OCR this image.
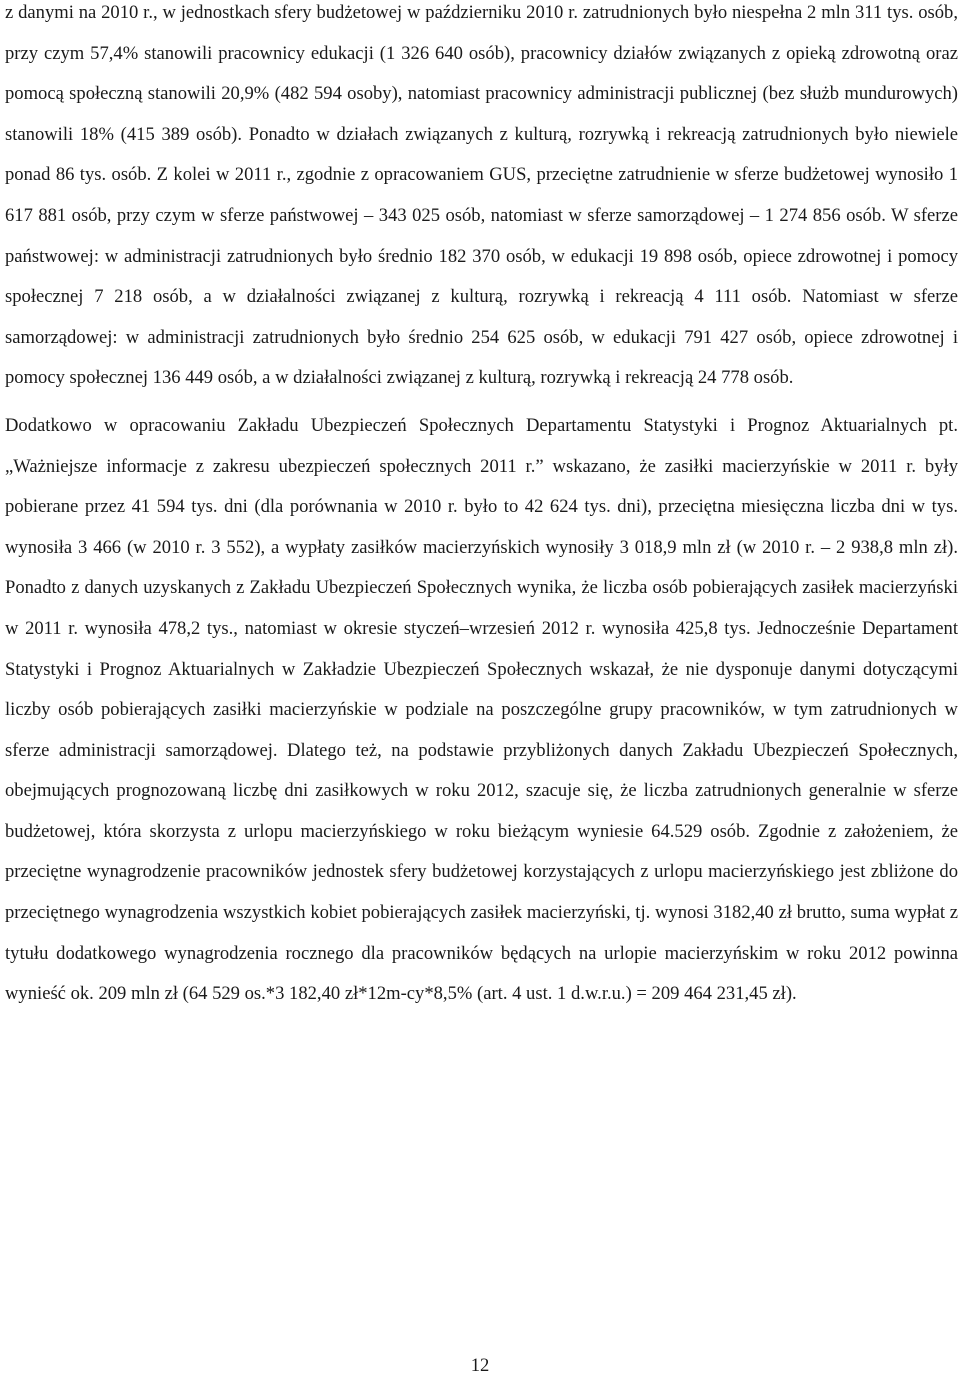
z danymi na 2010 r., w jednostkach sfery budżetowej w październiku 2010 r. zatrudnionych było niespełna 2 mln 311 tys. osób, przy czym 57,4% stanowili pracownicy edukacji (1 326 640 osób), pracownicy działów związanych z opieką zdrowotną oraz pomocą społeczną stanowili 20,9% (482 594 osoby), natomiast pracownicy administracji publicznej (bez służb mundurowych) stanowili 18% (415 389 osób). Ponadto w działach związanych z kulturą, rozrywką i rekreacją zatrudnionych było niewiele ponad 86 tys. osób. Z kolei w 2011 r., zgodnie z opracowaniem GUS, przeciętne zatrudnienie w sferze budżetowej wynosiło 1 617 881 osób, przy czym w sferze państwowej – 343 025 osób, natomiast w sferze samorządowej – 1 274 856 osób. W sferze państwowej: w administracji zatrudnionych było średnio 182 370 osób, w edukacji 19 898 osób, opiece zdrowotnej i pomocy społecznej 7 218 osób, a w działalności związanej z kulturą, rozrywką i rekreacją 4 111 osób. Natomiast w sferze samorządowej: w administracji zatrudnionych było średnio 254 625 osób, w edukacji 791 427 osób, opiece zdrowotnej i pomocy społecznej 136 449 osób, a w działalności związanej z kulturą, rozrywką i rekreacją 24 778 osób.

Dodatkowo w opracowaniu Zakładu Ubezpieczeń Społecznych Departamentu Statystyki i Prognoz Aktuarialnych pt. „Ważniejsze informacje z zakresu ubezpieczeń społecznych 2011 r.” wskazano, że zasiłki macierzyńskie w 2011 r. były pobierane przez 41 594 tys. dni (dla porównania w 2010 r. było to 42 624 tys. dni), przeciętna miesięczna liczba dni w tys. wynosiła 3 466 (w 2010 r. 3 552), a wypłaty zasiłków macierzyńskich wynosiły 3 018,9 mln zł (w 2010 r. – 2 938,8 mln zł). Ponadto z danych uzyskanych z Zakładu Ubezpieczeń Społecznych wynika, że liczba osób pobierających zasiłek macierzyński w 2011 r. wynosiła 478,2 tys., natomiast w okresie styczeń–wrzesień 2012 r. wynosiła 425,8 tys. Jednocześnie Departament Statystyki i Prognoz Aktuarialnych w Zakładzie Ubezpieczeń Społecznych wskazał, że nie dysponuje danymi dotyczącymi liczby osób pobierających zasiłki macierzyńskie w podziale na poszczególne grupy pracowników, w tym zatrudnionych w sferze administracji samorządowej. Dlatego też, na podstawie przybliżonych danych Zakładu Ubezpieczeń Społecznych, obejmujących prognozowaną liczbę dni zasiłkowych w roku 2012, szacuje się, że liczba zatrudnionych generalnie w sferze budżetowej, która skorzysta z urlopu macierzyńskiego w roku bieżącym wyniesie 64.529 osób. Zgodnie z założeniem, że przeciętne wynagrodzenie pracowników jednostek sfery budżetowej korzystających z urlopu macierzyńskiego jest zbliżone do przeciętnego wynagrodzenia wszystkich kobiet pobierających zasiłek macierzyński, tj. wynosi 3182,40 zł brutto, suma wypłat z tytułu dodatkowego wynagrodzenia rocznego dla pracowników będących na urlopie macierzyńskim w roku 2012 powinna wynieść ok. 209 mln zł (64 529 os.*3 182,40 zł*12m-cy*8,5% (art. 4 ust. 1 d.w.r.u.) = 209 464 231,45 zł).

12
